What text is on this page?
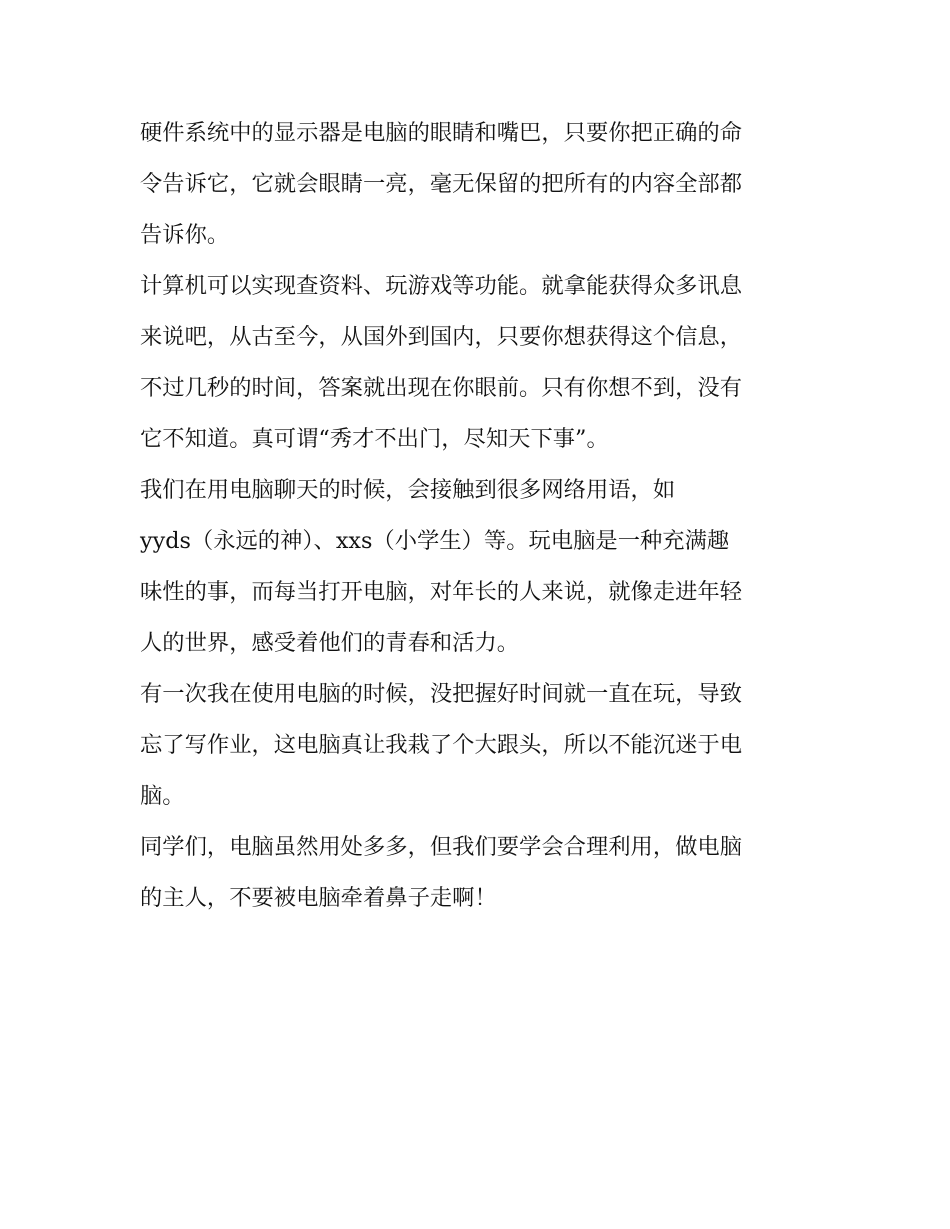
硬件系统中的显示器是电脑的眼睛和嘴巴，只要你把正确的命
令告诉它，它就会眼睛一亮，毫无保留的把所有的内容全部都
告诉你。

计算机可以实现查资料、玩游戏等功能。就拿能获得众多讯息
来说吧，从古至今，从国外到国内，只要你想获得这个信息，
不过几秒的时间，答案就出现在你眼前。只有你想不到，没有
它不知道。真可谓“秀才不出门，尽知天下事”。

我们在用电脑聊天的时候，会接触到很多网络用语，如
yyds（永远的神）、xxs（小学生）等。玩电脑是一种充满趣
味性的事，而每当打开电脑，对年长的人来说，就像走进年轻
人的世界，感受着他们的青春和活力。

有一次我在使用电脑的时候，没把握好时间就一直在玩，导致
忘了写作业，这电脑真让我栽了个大跟头，所以不能沉迷于电
脑。

同学们，电脑虽然用处多多，但我们要学会合理利用，做电脑
的主人，不要被电脑牵着鼻子走啊！
